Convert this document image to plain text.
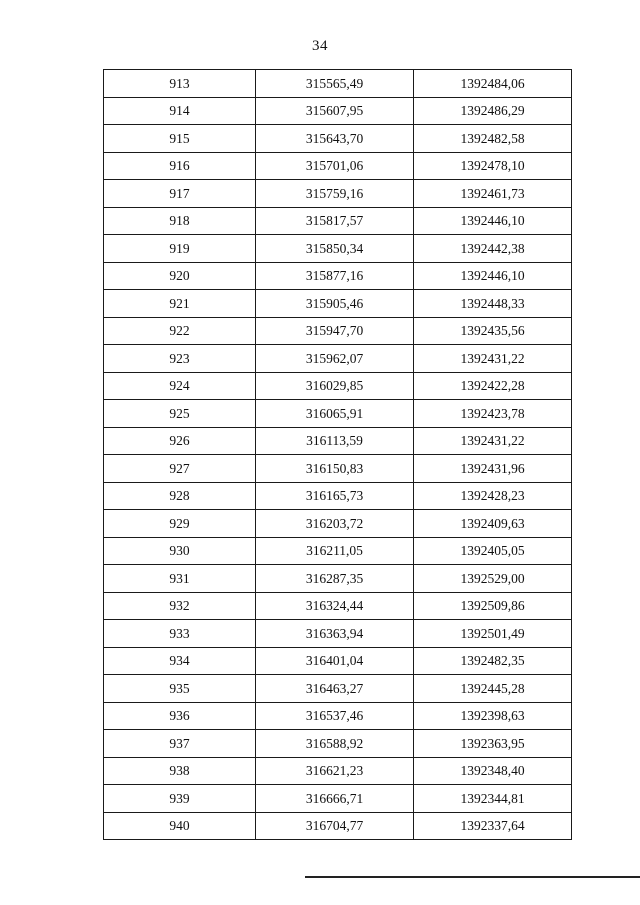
34
913	315565,49	1392484,06
914	315607,95	1392486,29
915	315643,70	1392482,58
916	315701,06	1392478,10
917	315759,16	1392461,73
918	315817,57	1392446,10
919	315850,34	1392442,38
920	315877,16	1392446,10
921	315905,46	1392448,33
922	315947,70	1392435,56
923	315962,07	1392431,22
924	316029,85	1392422,28
925	316065,91	1392423,78
926	316113,59	1392431,22
927	316150,83	1392431,96
928	316165,73	1392428,23
929	316203,72	1392409,63
930	316211,05	1392405,05
931	316287,35	1392529,00
932	316324,44	1392509,86
933	316363,94	1392501,49
934	316401,04	1392482,35
935	316463,27	1392445,28
936	316537,46	1392398,63
937	316588,92	1392363,95
938	316621,23	1392348,40
939	316666,71	1392344,81
940	316704,77	1392337,64
